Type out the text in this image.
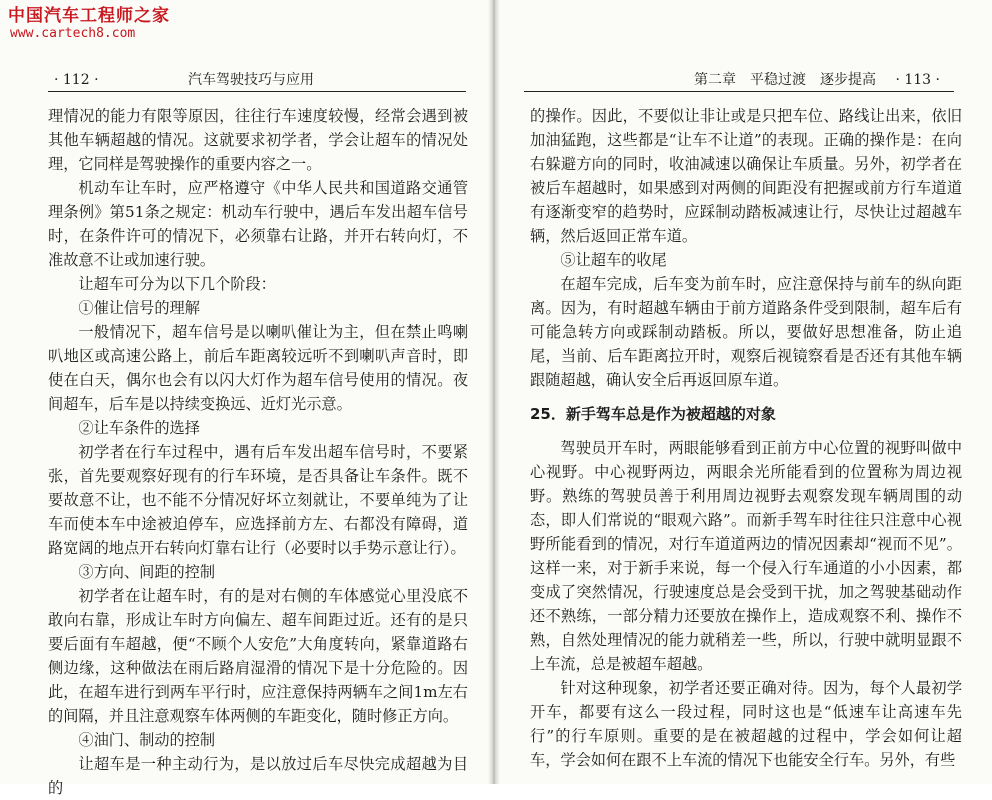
· 112 ·	汽车驾驶技巧与应用

理情况的能力有限等原因，往往行车速度较慢，经常会遇到被其他车辆超越的情况。这就要求初学者，学会让超车的情况处理，它同样是驾驶操作的重要内容之一。

机动车让车时，应严格遵守《中华人民共和国道路交通管理条例》第51条之规定：机动车行驶中，遇后车发出超车信号时，在条件许可的情况下，必须靠右让路，并开右转向灯，不准故意不让或加速行驶。

让超车可分为以下几个阶段：

①催让信号的理解

一般情况下，超车信号是以喇叭催让为主，但在禁止鸣喇叭地区或高速公路上，前后车距离较远听不到喇叭声音时，即使在白天，偶尔也会有以闪大灯作为超车信号使用的情况。夜间超车，后车是以持续变换远、近灯光示意。

②让车条件的选择

初学者在行车过程中，遇有后车发出超车信号时，不要紧张，首先要观察好现有的行车环境，是否具备让车条件。既不要故意不让，也不能不分情况好坏立刻就让，不要单纯为了让车而使本车中途被迫停车，应选择前方左、右都没有障碍，道路宽阔的地点开右转向灯靠右让行（必要时以手势示意让行）。

③方向、间距的控制

初学者在让超车时，有的是对右侧的车体感觉心里没底不敢向右靠，形成让车时方向偏左、超车间距过近。还有的是只要后面有车超越，便“不顾个人安危”大角度转向，紧靠道路右侧边缘，这种做法在雨后路肩湿滑的情况下是十分危险的。因此，在超车进行到两车平行时，应注意保持两辆车之间1m左右的间隔，并且注意观察车体两侧的车距变化，随时修正方向。

④油门、制动的控制

让超车是一种主动行为，是以放过后车尽快完成超越为目的

第二章　平稳过渡　逐步提高 · 113 ·

的操作。因此，不要似让非让或是只把车位、路线让出来，依旧加油猛跑，这些都是“让车不让道”的表现。正确的操作是：在向右躲避方向的同时，收油减速以确保让车质量。另外，初学者在被后车超越时，如果感到对两侧的间距没有把握或前方行车道道有逐渐变窄的趋势时，应踩制动踏板减速让行，尽快让过超越车辆，然后返回正常车道。

⑤让超车的收尾

在超车完成，后车变为前车时，应注意保持与前车的纵向距离。因为，有时超越车辆由于前方道路条件受到限制，超车后有可能急转方向或踩制动踏板。所以，要做好思想准备，防止追尾，当前、后车距离拉开时，观察后视镜察看是否还有其他车辆跟随超越，确认安全后再返回原车道。

25．新手驾车总是作为被超越的对象

驾驶员开车时，两眼能够看到正前方中心位置的视野叫做中心视野。中心视野两边，两眼余光所能看到的位置称为周边视野。熟练的驾驶员善于利用周边视野去观察发现车辆周围的动态，即人们常说的“眼观六路”。而新手驾车时往往只注意中心视野所能看到的情况，对行车道道两边的情况因素却“视而不见”。这样一来，对于新手来说，每一个侵入行车通道的小小因素，都变成了突然情况，行驶速度总是会受到干扰，加之驾驶基础动作还不熟练，一部分精力还要放在操作上，造成观察不利、操作不熟，自然处理情况的能力就稍差一些，所以，行驶中就明显跟不上车流，总是被超车超越。

针对这种现象，初学者还要正确对待。因为，每个人最初学开车，都要有这么一段过程，同时这也是“低速车让高速车先行”的行车原则。重要的是在被超越的过程中，学会如何让超车，学会如何在跟不上车流的情况下也能安全行车。另外，有些

中国汽车工程师之家
www.cartech8.com
